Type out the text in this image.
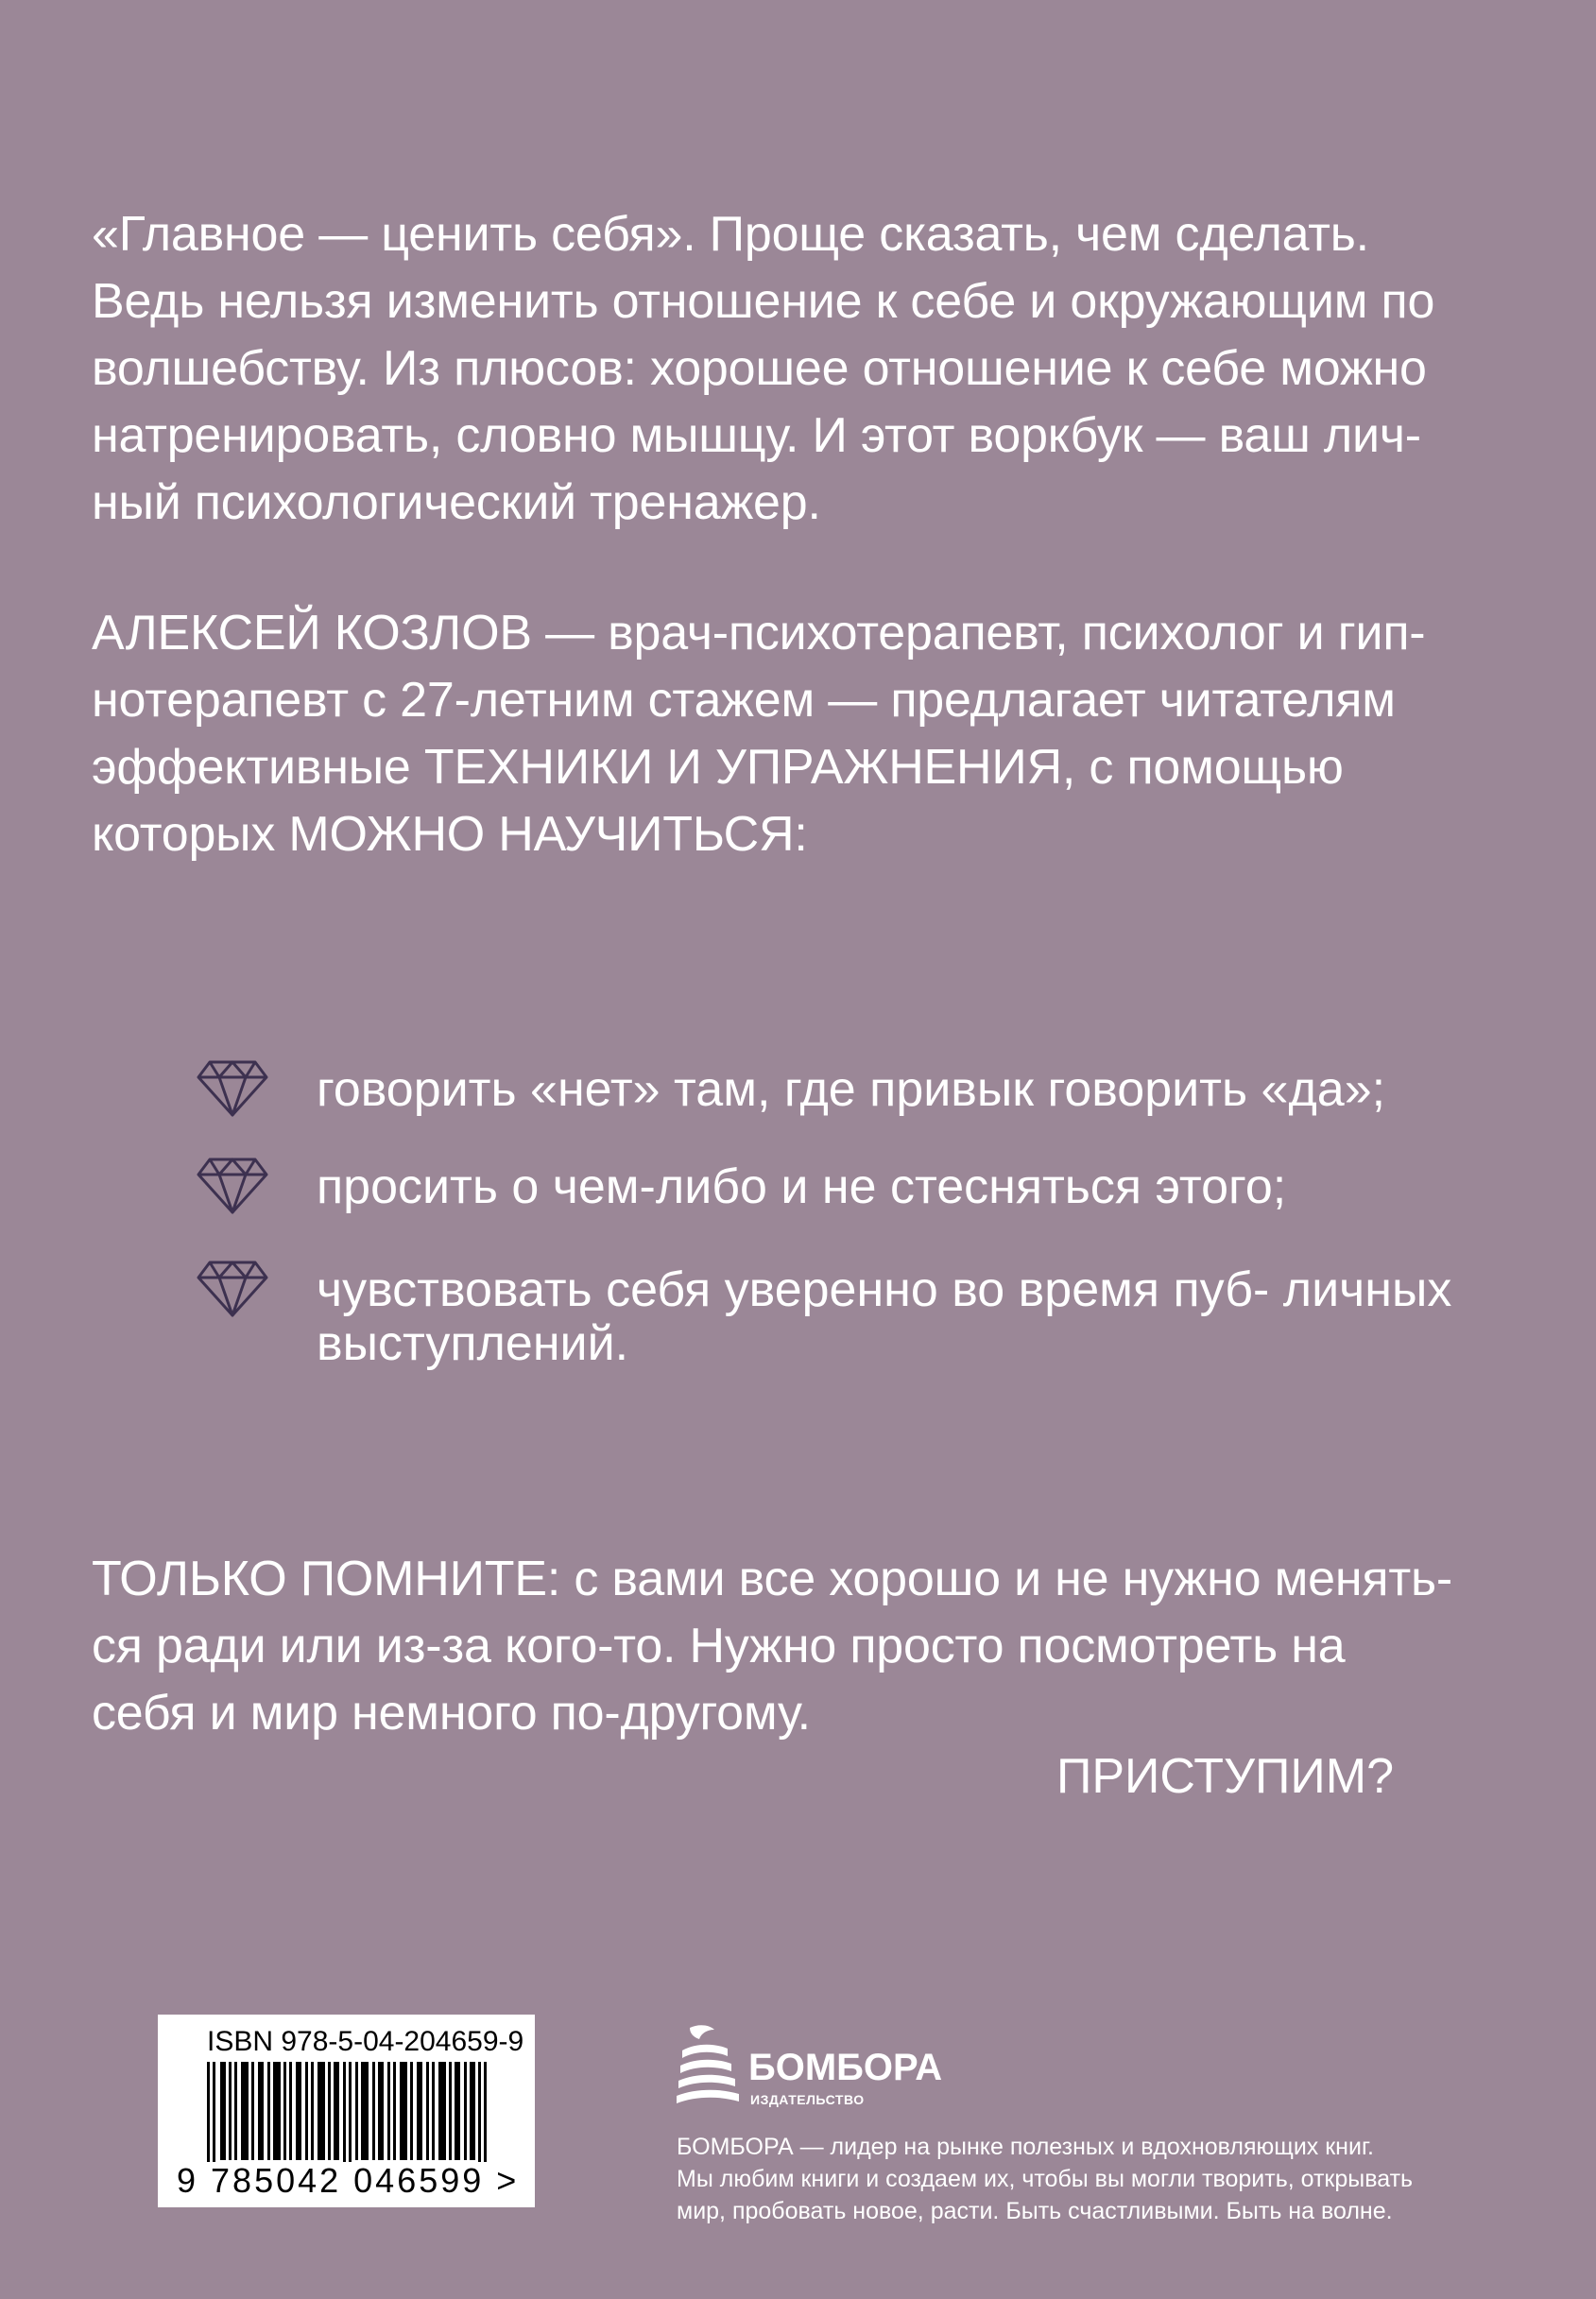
«Главное — ценить себя». Проще сказать, чем сделать.
Ведь нельзя изменить отношение к себе и окружающим по
волшебству. Из плюсов: хорошее отношение к себе можно
натренировать, словно мышцу. И этот воркбук — ваш лич-
ный психологический тренажер.
АЛЕКСЕЙ КОЗЛОВ — врач-психотерапевт, психолог и гип-
нотерапевт с 27-летним стажем — предлагает читателям
эффективные ТЕХНИКИ И УПРАЖНЕНИЯ, с помощью
которых МОЖНО НАУЧИТЬСЯ:
говорить «нет» там, где привык говорить «да»;
просить о чем-либо и не стесняться этого;
чувствовать себя уверенно во время пуб- личных
выступлений.
ТОЛЬКО ПОМНИТЕ: с вами все хорошо и не нужно менять-
ся ради или из-за кого-то. Нужно просто посмотреть на
себя и мир немного по-другому.
ПРИСТУПИМ?
ISBN 978-5-04-204659-9
9 785042 046599 >
БОМБОРА
ИЗДАТЕЛЬСТВО
БОМБОРА — лидер на рынке полезных и вдохновляющих книг.
Мы любим книги и создаем их, чтобы вы могли творить, открывать
мир, пробовать новое, расти. Быть счастливыми. Быть на волне.
